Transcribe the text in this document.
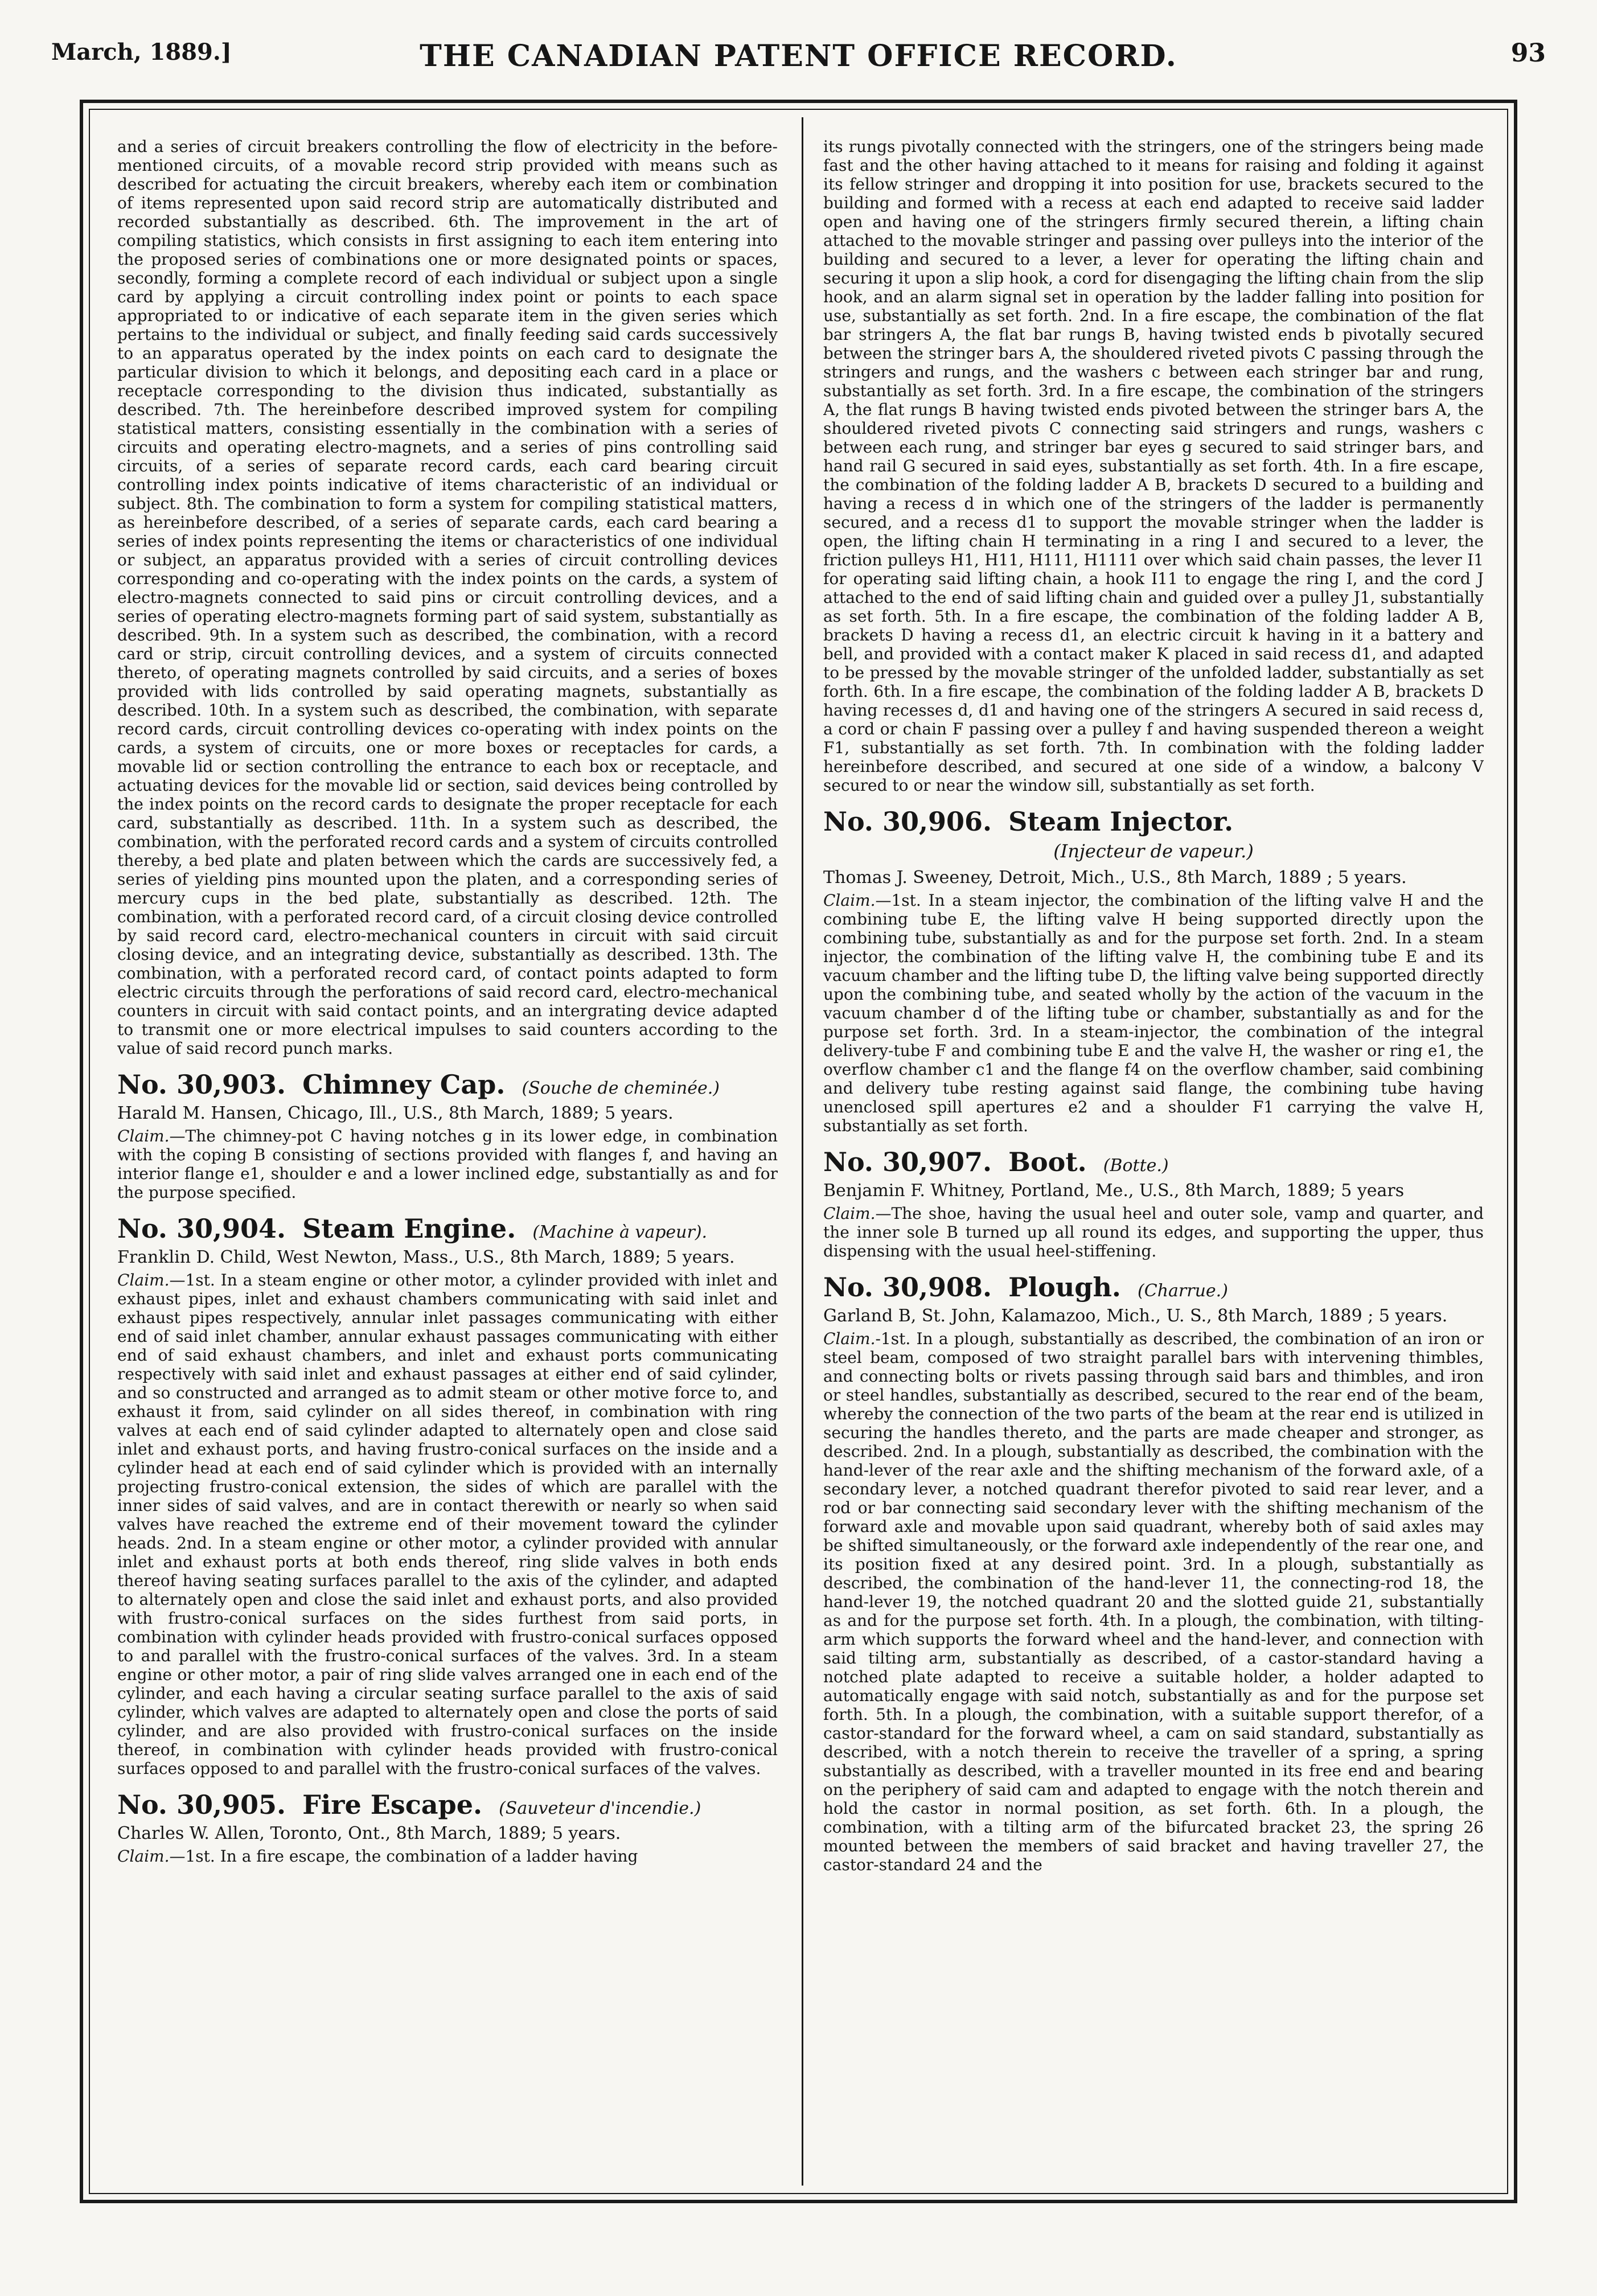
March, 1889.]	THE CANADIAN PATENT OFFICE RECORD.	93

and a series of circuit breakers controlling the flow of electricity in the before-mentioned circuits, of a movable record strip provided with means such as described for actuating the circuit breakers, whereby each item or combination of items represented upon said record strip are automatically distributed and recorded substantially as described. 6th. The improvement in the art of compiling statistics, which consists in first assigning to each item entering into the proposed series of combinations one or more designated points or spaces, secondly, forming a complete record of each individual or subject upon a single card by applying a circuit controlling index point or points to each space appropriated to or indicative of each separate item in the given series which pertains to the individual or subject, and finally feeding said cards successively to an apparatus operated by the index points on each card to designate the particular division to which it belongs, and depositing each card in a place or receptacle corresponding to the division thus indicated, substantially as described. 7th. The hereinbefore described improved system for compiling statistical matters, consisting essentially in the combination with a series of circuits and operating electro-magnets, and a series of pins controlling said circuits, of a series of separate record cards, each card bearing circuit controlling index points indicative of items characteristic of an individual or subject. 8th. The combination to form a system for compiling statistical matters, as hereinbefore described, of a series of separate cards, each card bearing a series of index points representing the items or characteristics of one individual or subject, an apparatus provided with a series of circuit controlling devices corresponding and co-operating with the index points on the cards, a system of electro-magnets connected to said pins or circuit controlling devices, and a series of operating electro-magnets forming part of said system, substantially as described. 9th. In a system such as described, the combination, with a record card or strip, circuit controlling devices, and a system of circuits connected thereto, of operating magnets controlled by said circuits, and a series of boxes provided with lids controlled by said operating magnets, substantially as described. 10th. In a system such as described, the combination, with separate record cards, circuit controlling devices co-operating with index points on the cards, a system of circuits, one or more boxes or receptacles for cards, a movable lid or section controlling the entrance to each box or receptacle, and actuating devices for the movable lid or section, said devices being controlled by the index points on the record cards to designate the proper receptacle for each card, substantially as described. 11th. In a system such as described, the combination, with the perforated record cards and a system of circuits controlled thereby, a bed plate and platen between which the cards are successively fed, a series of yielding pins mounted upon the platen, and a corresponding series of mercury cups in the bed plate, substantially as described. 12th. The combination, with a perforated record card, of a circuit closing device controlled by said record card, electro-mechanical counters in circuit with said circuit closing device, and an integrating device, substantially as described. 13th. The combination, with a perforated record card, of contact points adapted to form electric circuits through the perforations of said record card, electro-mechanical counters in circuit with said contact points, and an intergrating device adapted to transmit one or more electrical impulses to said counters according to the value of said record punch marks.

No. 30,903. Chimney Cap. (Souche de cheminée.)

Harald M. Hansen, Chicago, Ill., U.S., 8th March, 1889; 5 years.

Claim.—The chimney-pot C having notches g in its lower edge, in combination with the coping B consisting of sections provided with flanges f, and having an interior flange e1, shoulder e and a lower inclined edge, substantially as and for the purpose specified.

No. 30,904. Steam Engine. (Machine à vapeur).

Franklin D. Child, West Newton, Mass., U.S., 8th March, 1889; 5 years.

Claim.—1st. In a steam engine or other motor, a cylinder provided with inlet and exhaust pipes, inlet and exhaust chambers communicating with said inlet and exhaust pipes respectively, annular inlet passages communicating with either end of said inlet chamber, annular exhaust passages communicating with either end of said exhaust chambers, and inlet and exhaust ports communicating respectively with said inlet and exhaust passages at either end of said cylinder, and so constructed and arranged as to admit steam or other motive force to, and exhaust it from, said cylinder on all sides thereof, in combination with ring valves at each end of said cylinder adapted to alternately open and close said inlet and exhaust ports, and having frustro-conical surfaces on the inside and a cylinder head at each end of said cylinder which is provided with an internally projecting frustro-conical extension, the sides of which are parallel with the inner sides of said valves, and are in contact therewith or nearly so when said valves have reached the extreme end of their movement toward the cylinder heads. 2nd. In a steam engine or other motor, a cylinder provided with annular inlet and exhaust ports at both ends thereof, ring slide valves in both ends thereof having seating surfaces parallel to the axis of the cylinder, and adapted to alternately open and close the said inlet and exhaust ports, and also provided with frustro-conical surfaces on the sides furthest from said ports, in combination with cylinder heads provided with frustro-conical surfaces opposed to and parallel with the frustro-conical surfaces of the valves. 3rd. In a steam engine or other motor, a pair of ring slide valves arranged one in each end of the cylinder, and each having a circular seating surface parallel to the axis of said cylinder, which valves are adapted to alternately open and close the ports of said cylinder, and are also provided with frustro-conical surfaces on the inside thereof, in combination with cylinder heads provided with frustro-conical surfaces opposed to and parallel with the frustro-conical surfaces of the valves.

No. 30,905. Fire Escape. (Sauveteur d'incendie.)

Charles W. Allen, Toronto, Ont., 8th March, 1889; 5 years.

Claim.—1st. In a fire escape, the combination of a ladder having

its rungs pivotally connected with the stringers, one of the stringers being made fast and the other having attached to it means for raising and folding it against its fellow stringer and dropping it into position for use, brackets secured to the building and formed with a recess at each end adapted to receive said ladder open and having one of the stringers firmly secured therein, a lifting chain attached to the movable stringer and passing over pulleys into the interior of the building and secured to a lever, a lever for operating the lifting chain and securing it upon a slip hook, a cord for disengaging the lifting chain from the slip hook, and an alarm signal set in operation by the ladder falling into position for use, substantially as set forth. 2nd. In a fire escape, the combination of the flat bar stringers A, the flat bar rungs B, having twisted ends b pivotally secured between the stringer bars A, the shouldered riveted pivots C passing through the stringers and rungs, and the washers c between each stringer bar and rung, substantially as set forth. 3rd. In a fire escape, the combination of the stringers A, the flat rungs B having twisted ends pivoted between the stringer bars A, the shouldered riveted pivots C connecting said stringers and rungs, washers c between each rung, and stringer bar eyes g secured to said stringer bars, and hand rail G secured in said eyes, substantially as set forth. 4th. In a fire escape, the combination of the folding ladder A B, brackets D secured to a building and having a recess d in which one of the stringers of the ladder is permanently secured, and a recess d1 to support the movable stringer when the ladder is open, the lifting chain H terminating in a ring I and secured to a lever, the friction pulleys H1, H11, H111, H1111 over which said chain passes, the lever I1 for operating said lifting chain, a hook I11 to engage the ring I, and the cord J attached to the end of said lifting chain and guided over a pulley J1, substantially as set forth. 5th. In a fire escape, the combination of the folding ladder A B, brackets D having a recess d1, an electric circuit k having in it a battery and bell, and provided with a contact maker K placed in said recess d1, and adapted to be pressed by the movable stringer of the unfolded ladder, substantially as set forth. 6th. In a fire escape, the combination of the folding ladder A B, brackets D having recesses d, d1 and having one of the stringers A secured in said recess d, a cord or chain F passing over a pulley f and having suspended thereon a weight F1, substantially as set forth. 7th. In combination with the folding ladder hereinbefore described, and secured at one side of a window, a balcony V secured to or near the window sill, substantially as set forth.

No. 30,906. Steam Injector.
(Injecteur de vapeur.)

Thomas J. Sweeney, Detroit, Mich., U.S., 8th March, 1889 ; 5 years.

Claim.—1st. In a steam injector, the combination of the lifting valve H and the combining tube E, the lifting valve H being supported directly upon the combining tube, substantially as and for the purpose set forth. 2nd. In a steam injector, the combination of the lifting valve H, the combining tube E and its vacuum chamber and the lifting tube D, the lifting valve being supported directly upon the combining tube, and seated wholly by the action of the vacuum in the vacuum chamber d of the lifting tube or chamber, substantially as and for the purpose set forth. 3rd. In a steam-injector, the combination of the integral delivery-tube F and combining tube E and the valve H, the washer or ring e1, the overflow chamber c1 and the flange f4 on the overflow chamber, said combining and delivery tube resting against said flange, the combining tube having unenclosed spill apertures e2 and a shoulder F1 carrying the valve H, substantially as set forth.

No. 30,907. Boot. (Botte.)

Benjamin F. Whitney, Portland, Me., U.S., 8th March, 1889; 5 years

Claim.—The shoe, having the usual heel and outer sole, vamp and quarter, and the inner sole B turned up all round its edges, and supporting the upper, thus dispensing with the usual heel-stiffening.

No. 30,908. Plough. (Charrue.)

Garland B, St. John, Kalamazoo, Mich., U. S., 8th March, 1889 ; 5 years.

Claim.-1st. In a plough, substantially as described, the combination of an iron or steel beam, composed of two straight parallel bars with intervening thimbles, and connecting bolts or rivets passing through said bars and thimbles, and iron or steel handles, substantially as described, secured to the rear end of the beam, whereby the connection of the two parts of the beam at the rear end is utilized in securing the handles thereto, and the parts are made cheaper and stronger, as described. 2nd. In a plough, substantially as described, the combination with the hand-lever of the rear axle and the shifting mechanism of the forward axle, of a secondary lever, a notched quadrant therefor pivoted to said rear lever, and a rod or bar connecting said secondary lever with the shifting mechanism of the forward axle and movable upon said quadrant, whereby both of said axles may be shifted simultaneously, or the forward axle independently of the rear one, and its position fixed at any desired point. 3rd. In a plough, substantially as described, the combination of the hand-lever 11, the connecting-rod 18, the hand-lever 19, the notched quadrant 20 and the slotted guide 21, substantially as and for the purpose set forth. 4th. In a plough, the combination, with tilting-arm which supports the forward wheel and the hand-lever, and connection with said tilting arm, substantially as described, of a castor-standard having a notched plate adapted to receive a suitable holder, a holder adapted to automatically engage with said notch, substantially as and for the purpose set forth. 5th. In a plough, the combination, with a suitable support therefor, of a castor-standard for the forward wheel, a cam on said standard, substantially as described, with a notch therein to receive the traveller of a spring, a spring substantially as described, with a traveller mounted in its free end and bearing on the periphery of said cam and adapted to engage with the notch therein and hold the castor in normal position, as set forth. 6th. In a plough, the combination, with a tilting arm of the bifurcated bracket 23, the spring 26 mounted between the members of said bracket and having traveller 27, the castor-standard 24 and the
